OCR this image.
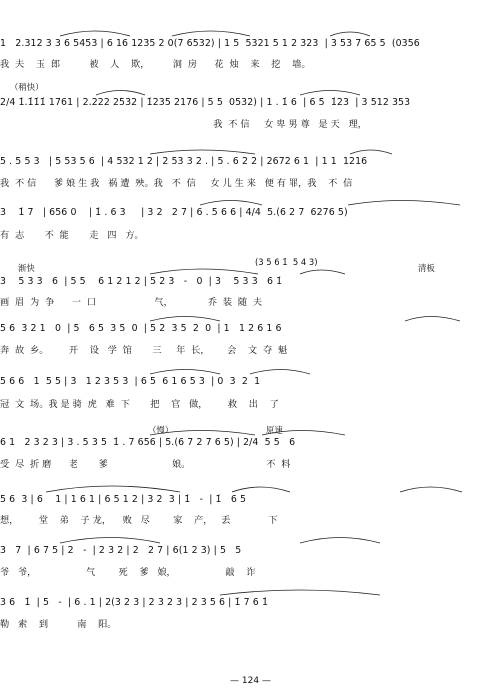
1   2.312 3 3 6 5453 | 6 16 1235 2 0(7 6532) | 1 5  5321 5 1 2 323  | 3 53 7 65 5  (0356
我  夫    玉  郎          被    人    欺，        洞  房      花  烛    来    挖    墙。
（稍快）
2/4 1̇.1̇1̇1̇ 1761 | 2.222 2532 | 1̇235 2176 | 5 5  0532) | 1 . 1̇ 6  | 6 5  1̇23  | 3 512 353
我  不 信     女 卑 男 尊   是 天   理，
5 . 5 5 3   | 5 53 5 6  | 4 532 1 2 | 2 53 3 2 . | 5 . 6 2 2 | 2672 6 1  | 1 1  1216
我  不 信      爹 娘 生 我   祸 遭  殃。我   不  信     女 儿 生 来   便 有 罪，我    不  信
3    1̇ 7   | 656 0    | 1̇ . 6 3     | 3 2   2 7 | 6 . 5 6 6 | 4/4  5.(6 2 7  6276 5)
有  志       不  能       走   四   方。
(3 5 6 1̇  5 4 3)
渐快	清板
3    5 3 3   6  | 5 5    6 1 2 1 2 | 5 2 3   -   0  | 3    5 3 3   6 1̇
画  眉  为  争      一  口                    气，            乔  装  随  夫
5 6  3 2 1   0  | 5   6 5  3 5  0  | 5 2  3 5  2  0  | 1   1 2 6 1 6
奔  故  乡。       开    设   学  馆       三     年  长，      会    文  夺  魁
5 6 6   1  5 5 | 3   1 2 3 5 3  | 6 5  6 1 6 5 3  | 0  3  2  1
冠  文  场。我 是 骑  虎   难  下       把    官   做，       救    出    了
（慢）	原速
6 1   2 3 2 3 | 3 . 5 3 5  1̇ . 7 656 | 5.(6 7 2 7 6 5) | 2/4  5 5   6
受  尽  折 磨      老       爹                      娘。                          不  料
5 6  3 | 6    1 | 1 6 1 | 6 5 1 2 | 3 2  3 | 1̇   -  | 1̇   6 5
想，       堂    弟    子 龙，    败   尽        家    产，   丢             下
3   7  | 6 7 5 | 2   -  | 2 3 2 | 2   2 7 | 6(1 2 3) | 5   5
爷   爷，                 气        死    爹   娘，                 敲    诈
3 6   1̇  | 5   -  | 6 . 1 | 2(3 2 3 | 2 3 2 3 | 2 3 5 6 | 1̇ 7 6 1̇
勒   索    到          南    阳。
— 124 —
